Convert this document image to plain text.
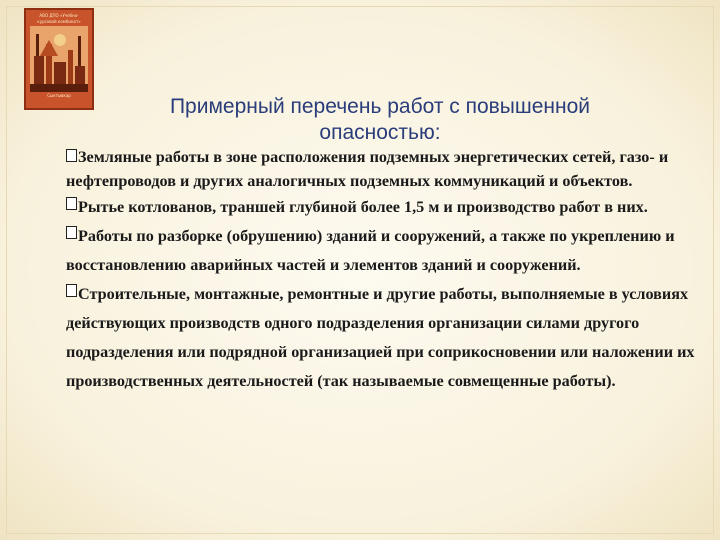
АВО ДПО «Учебно-курсовой комбинат»
Сыктывкар	Примерный перечень работ с повышенной
опасностью:
Земляные работы в зоне расположения подземных энергетических сетей, газо- и нефтепроводов и других аналогичных подземных коммуникаций и объектов.
Рытье котлованов, траншей глубиной более 1,5 м и производство работ в них.
Работы по разборке (обрушению) зданий и сооружений, а также по укреплению и восстановлению аварийных частей и элементов зданий и сооружений.
Строительные, монтажные, ремонтные и другие работы, выполняемые в условиях действующих производств одного подразделения организации силами другого подразделения или подрядной организацией при соприкосновении или наложении их производственных деятельностей (так называемые совмещенные работы).
